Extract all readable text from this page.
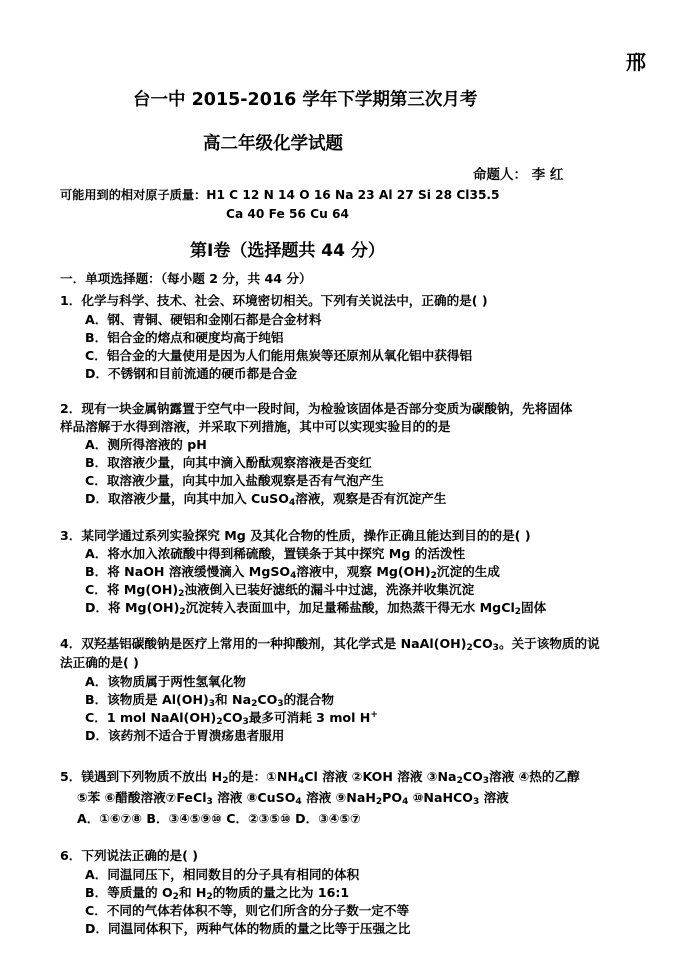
邢
台一中 2015-2016 学年下学期第三次月考
高二年级化学试题
命题人： 李 红
可能用到的相对原子质量：H1 C 12 N 14 O 16 Na 23 Al 27 Si 28 Cl35.5
Ca 40 Fe 56 Cu 64
第Ⅰ卷（选择题共 44 分）
一．单项选择题：（每小题 2 分，共 44 分）
1．化学与科学、技术、社会、环境密切相关。下列有关说法中，正确的是( )
A．钢、青铜、硬铝和金刚石都是合金材料
B．铝合金的熔点和硬度均高于纯铝
C．铝合金的大量使用是因为人们能用焦炭等还原剂从氧化铝中获得铝
D．不锈钢和目前流通的硬币都是合金
2．现有一块金属钠露置于空气中一段时间，为检验该固体是否部分变质为碳酸钠，先将固体
样品溶解于水得到溶液，并采取下列措施，其中可以实现实验目的的是
A．测所得溶液的 pH
B．取溶液少量，向其中滴入酚酞观察溶液是否变红
C．取溶液少量，向其中加入盐酸观察是否有气泡产生
D．取溶液少量，向其中加入 CuSO$_4$溶液，观察是否有沉淀产生
3．某同学通过系列实验探究 Mg 及其化合物的性质，操作正确且能达到目的的是( )
A．将水加入浓硫酸中得到稀硫酸，置镁条于其中探究 Mg 的活泼性
B．将 NaOH 溶液缓慢滴入 MgSO$_4$溶液中，观察 $Mg(OH)_2$沉淀的生成
C．将 $Mg(OH)_2$浊液倒入已装好滤纸的漏斗中过滤，洗涤并收集沉淀
D．将 $Mg(OH)_2$沉淀转入表面皿中，加足量稀盐酸，加热蒸干得无水 MgCl$_2$固体
4．双羟基铝碳酸钠是医疗上常用的一种抑酸剂，其化学式是 $NaAl(OH)_2CO_3$。关于该物质的说
法正确的是( )
A．该物质属于两性氢氧化物
B．该物质是 $Al(OH)_3$和 $Na_2CO_3$的混合物
C．1 mol $NaAl(OH)_2CO_3$最多可消耗 3 mol H+
D．该药剂不适合于胃溃疡患者服用
5．镁遇到下列物质不放出 $H_2$的是：$①NH_4Cl$ 溶液 ②KOH 溶液 $③Na_2CO_3$溶液 ④热的乙醇
⑤苯 ⑥醋酸溶液⑦FeCl$_3$ 溶液 ⑧CuSO$_4$ 溶液 $⑨NaH_2PO_4$ ⑩NaHCO$_3$ 溶液
A．①⑥⑦⑧ B．③④⑤⑨⑩ C．②③⑤⑩ D．③④⑤⑦
6．下列说法正确的是( )
A．同温同压下，相同数目的分子具有相同的体积
B．等质量的 $O_2$和 $H_2$的物质的量之比为 16:1
C．不同的气体若体积不等，则它们所含的分子数一定不等
D．同温同体积下，两种气体的物质的量之比等于压强之比
